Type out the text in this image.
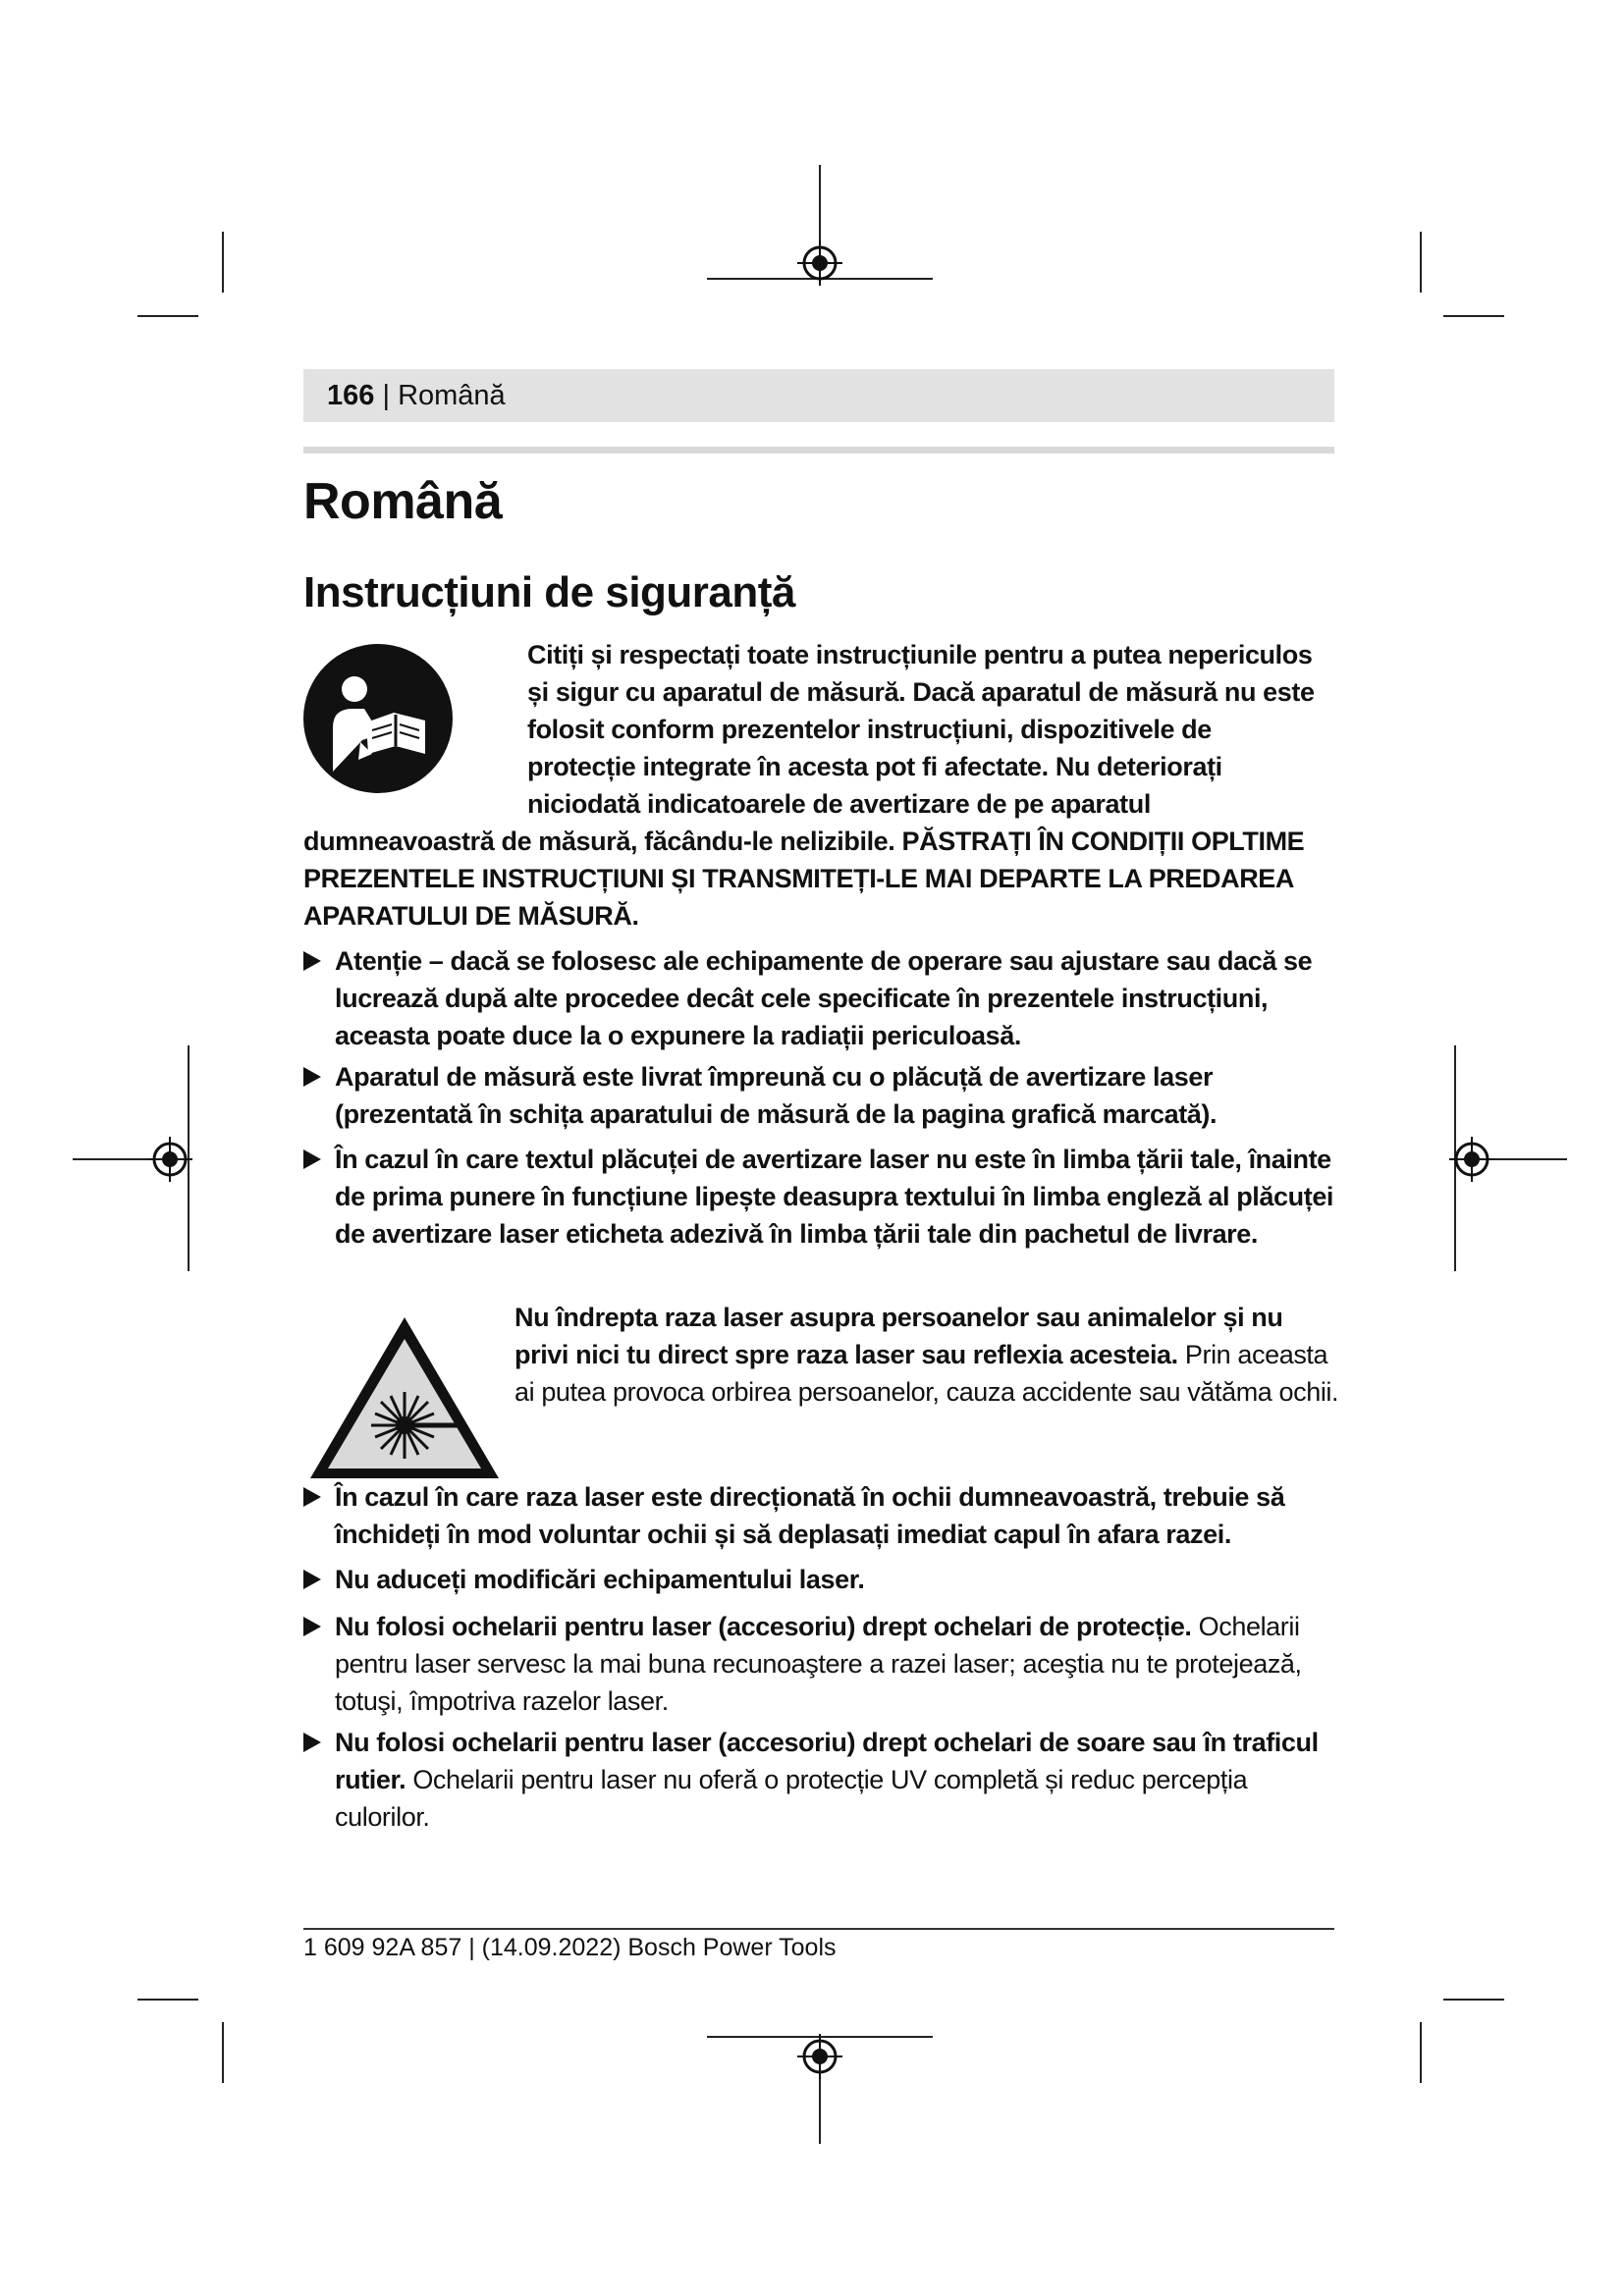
166 | Română
Română
Instrucțiuni de siguranță
Citiți și respectați toate instrucțiunile pentru a putea nepericulos
și sigur cu aparatul de măsură. Dacă aparatul de măsură nu este
folosit conform prezentelor instrucțiuni, dispozitivele de
protecție integrate în acesta pot fi afectate. Nu deteriorați
niciodată indicatoarele de avertizare de pe aparatul
dumneavoastră de măsură, făcându-le nelizibile. PĂSTRAȚI ÎN CONDIȚII OPLTIME
PREZENTELE INSTRUCȚIUNI ȘI TRANSMITEȚI-LE MAI DEPARTE LA PREDAREA
APARATULUI DE MĂSURĂ.
Atenție – dacă se folosesc ale echipamente de operare sau ajustare sau dacă se lucrează după alte procedee decât cele specificate în prezentele instrucțiuni, aceasta poate duce la o expunere la radiații periculoasă.
Aparatul de măsură este livrat împreună cu o plăcuță de avertizare laser (prezentată în schița aparatului de măsură de la pagina grafică marcată).
În cazul în care textul plăcuței de avertizare laser nu este în limba țării tale, înainte de prima punere în funcțiune lipește deasupra textului în limba engleză al plăcuței de avertizare laser eticheta adezivă în limba țării tale din pachetul de livrare.
Nu îndrepta raza laser asupra persoanelor sau animalelor și nu privi nici tu direct spre raza laser sau reflexia acesteia. Prin aceasta ai putea provoca orbirea persoanelor, cauza accidente sau vătăma ochii.
În cazul în care raza laser este direcționată în ochii dumneavoastră, trebuie să închideți în mod voluntar ochii și să deplasați imediat capul în afara razei.
Nu aduceți modificări echipamentului laser.
Nu folosi ochelarii pentru laser (accesoriu) drept ochelari de protecție. Ochelarii pentru laser servesc la mai buna recunoaştere a razei laser; aceştia nu te protejează, totuşi, împotriva razelor laser.
Nu folosi ochelarii pentru laser (accesoriu) drept ochelari de soare sau în traficul rutier. Ochelarii pentru laser nu oferă o protecție UV completă și reduc percepția culorilor.
1 609 92A 857 | (14.09.2022) Bosch Power Tools
